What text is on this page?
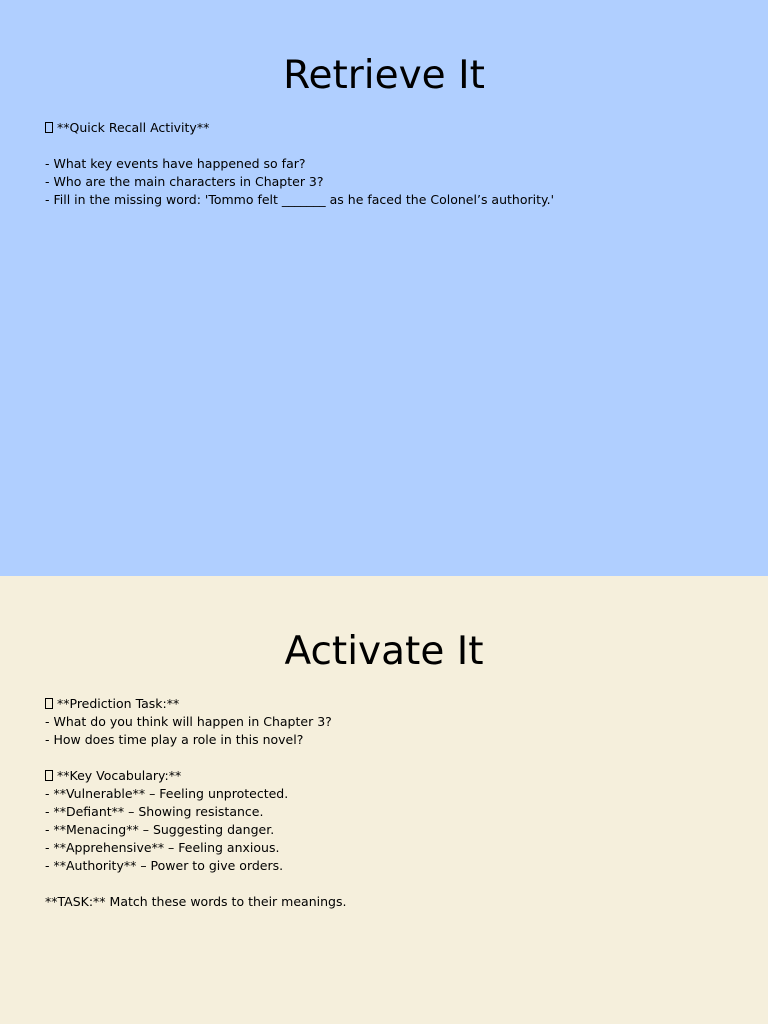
Retrieve It
**Quick Recall Activity**
- What key events have happened so far?
- Who are the main characters in Chapter 3?
- Fill in the missing word: 'Tommo felt _______ as he faced the Colonel’s authority.'
Activate It
**Prediction Task:**
- What do you think will happen in Chapter 3?
- How does time play a role in this novel?
**Key Vocabulary:**
- **Vulnerable** – Feeling unprotected.
- **Defiant** – Showing resistance.
- **Menacing** – Suggesting danger.
- **Apprehensive** – Feeling anxious.
- **Authority** – Power to give orders.
**TASK:** Match these words to their meanings.
